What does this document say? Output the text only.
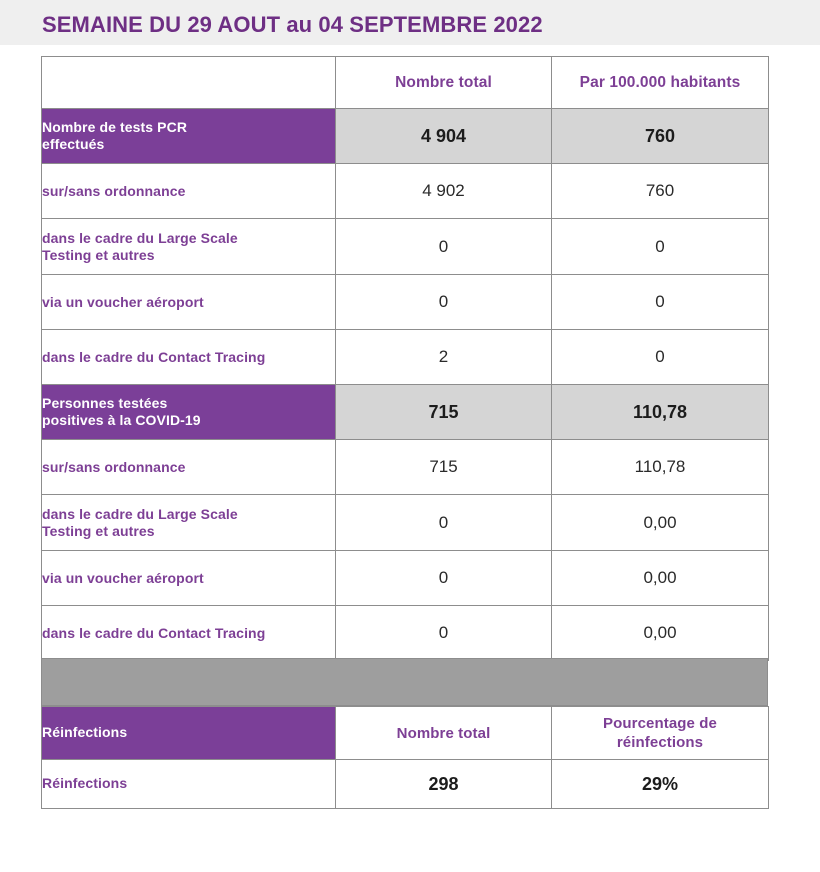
SEMAINE DU 29 AOUT au 04 SEPTEMBRE 2022

	Nombre total	Par 100.000 habitants

Nombre de tests PCR
effectués	4 904	760

sur/sans ordonnance	4 902	760

dans le cadre du Large Scale
Testing et autres	0	0

via un voucher aéroport	0	0

dans le cadre du Contact Tracing	2	0

Personnes testées
positives à la COVID-19	715	110,78

sur/sans ordonnance	715	110,78

dans le cadre du Large Scale
Testing et autres	0	0,00

via un voucher aéroport	0	0,00

dans le cadre du Contact Tracing	0	0,00
Réinfections	Nombre total	Pourcentage de
réinfections

Réinfections	298	29%
